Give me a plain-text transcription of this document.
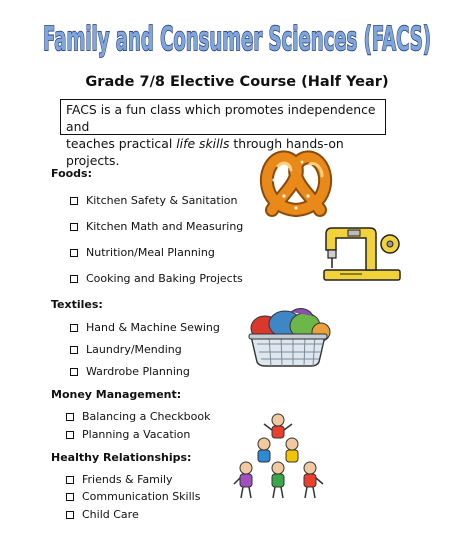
Family and Consumer Sciences (FACS)
Grade 7/8 Elective Course (Half Year)
FACS is a fun class which promotes independence and
teaches practical life skills through hands-on projects.
Foods:
Kitchen Safety & Sanitation
Kitchen Math and Measuring
Nutrition/Meal Planning
Cooking and Baking Projects
Textiles:
Hand & Machine Sewing
Laundry/Mending
Wardrobe Planning
Money Management:
Balancing a Checkbook
Planning a Vacation
Healthy Relationships:
Friends & Family
Communication Skills
Child Care
